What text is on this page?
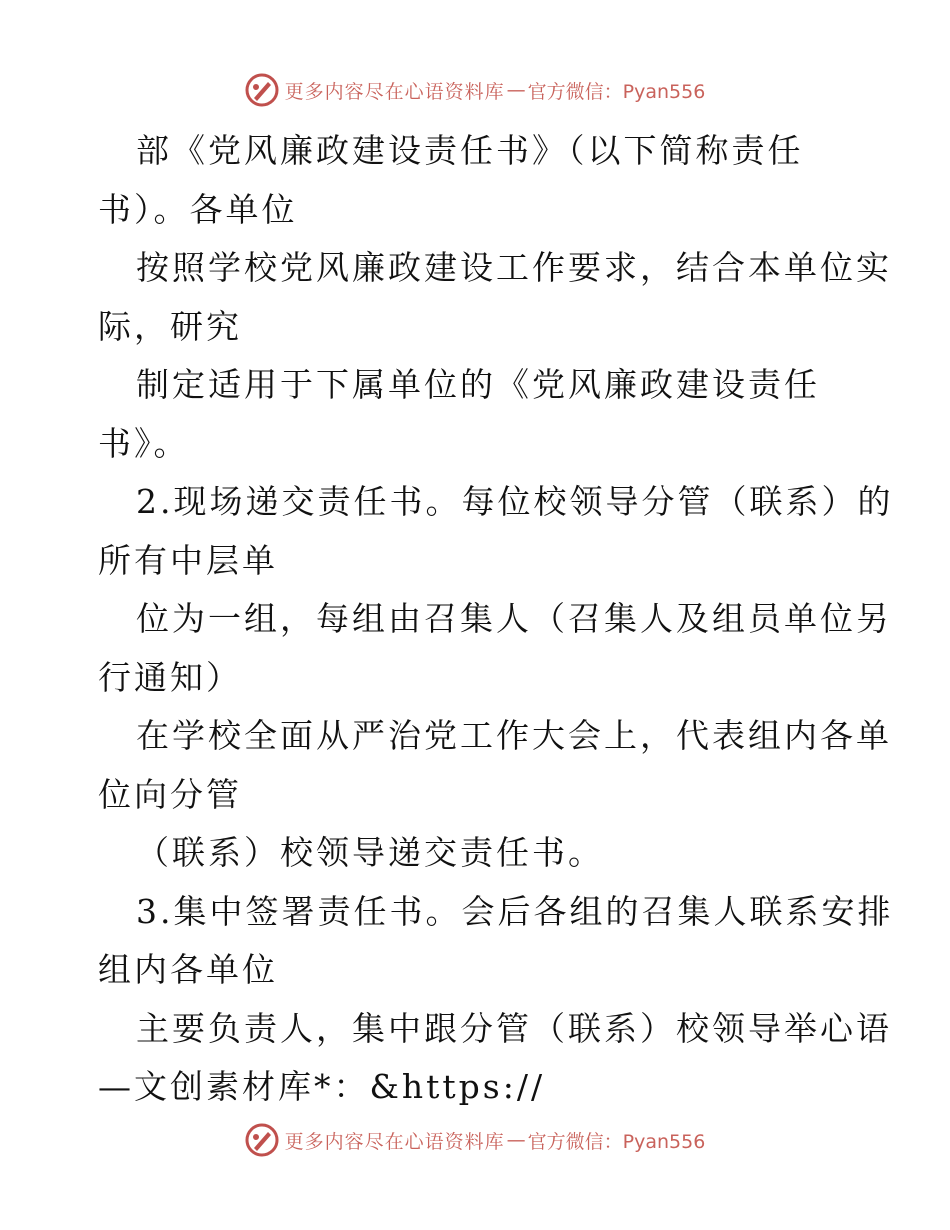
更多内容尽在心语资料库 — 官方微信：Pyan556
部《党风廉政建设责任书》（以下简称责任
书）。各单位
按照学校党风廉政建设工作要求，结合本单位实
际，研究
制定适用于下属单位的《党风廉政建设责任
书》。
2.现场递交责任书。每位校领导分管（联系）的
所有中层单
位为一组，每组由召集人（召集人及组员单位另
行通知）
在学校全面从严治党工作大会上，代表组内各单
位向分管
（联系）校领导递交责任书。
3.集中签署责任书。会后各组的召集人联系安排
组内各单位
主要负责人，集中跟分管（联系）校领导举心语
—文创素材库*：&https://
更多内容尽在心语资料库 — 官方微信：Pyan556
